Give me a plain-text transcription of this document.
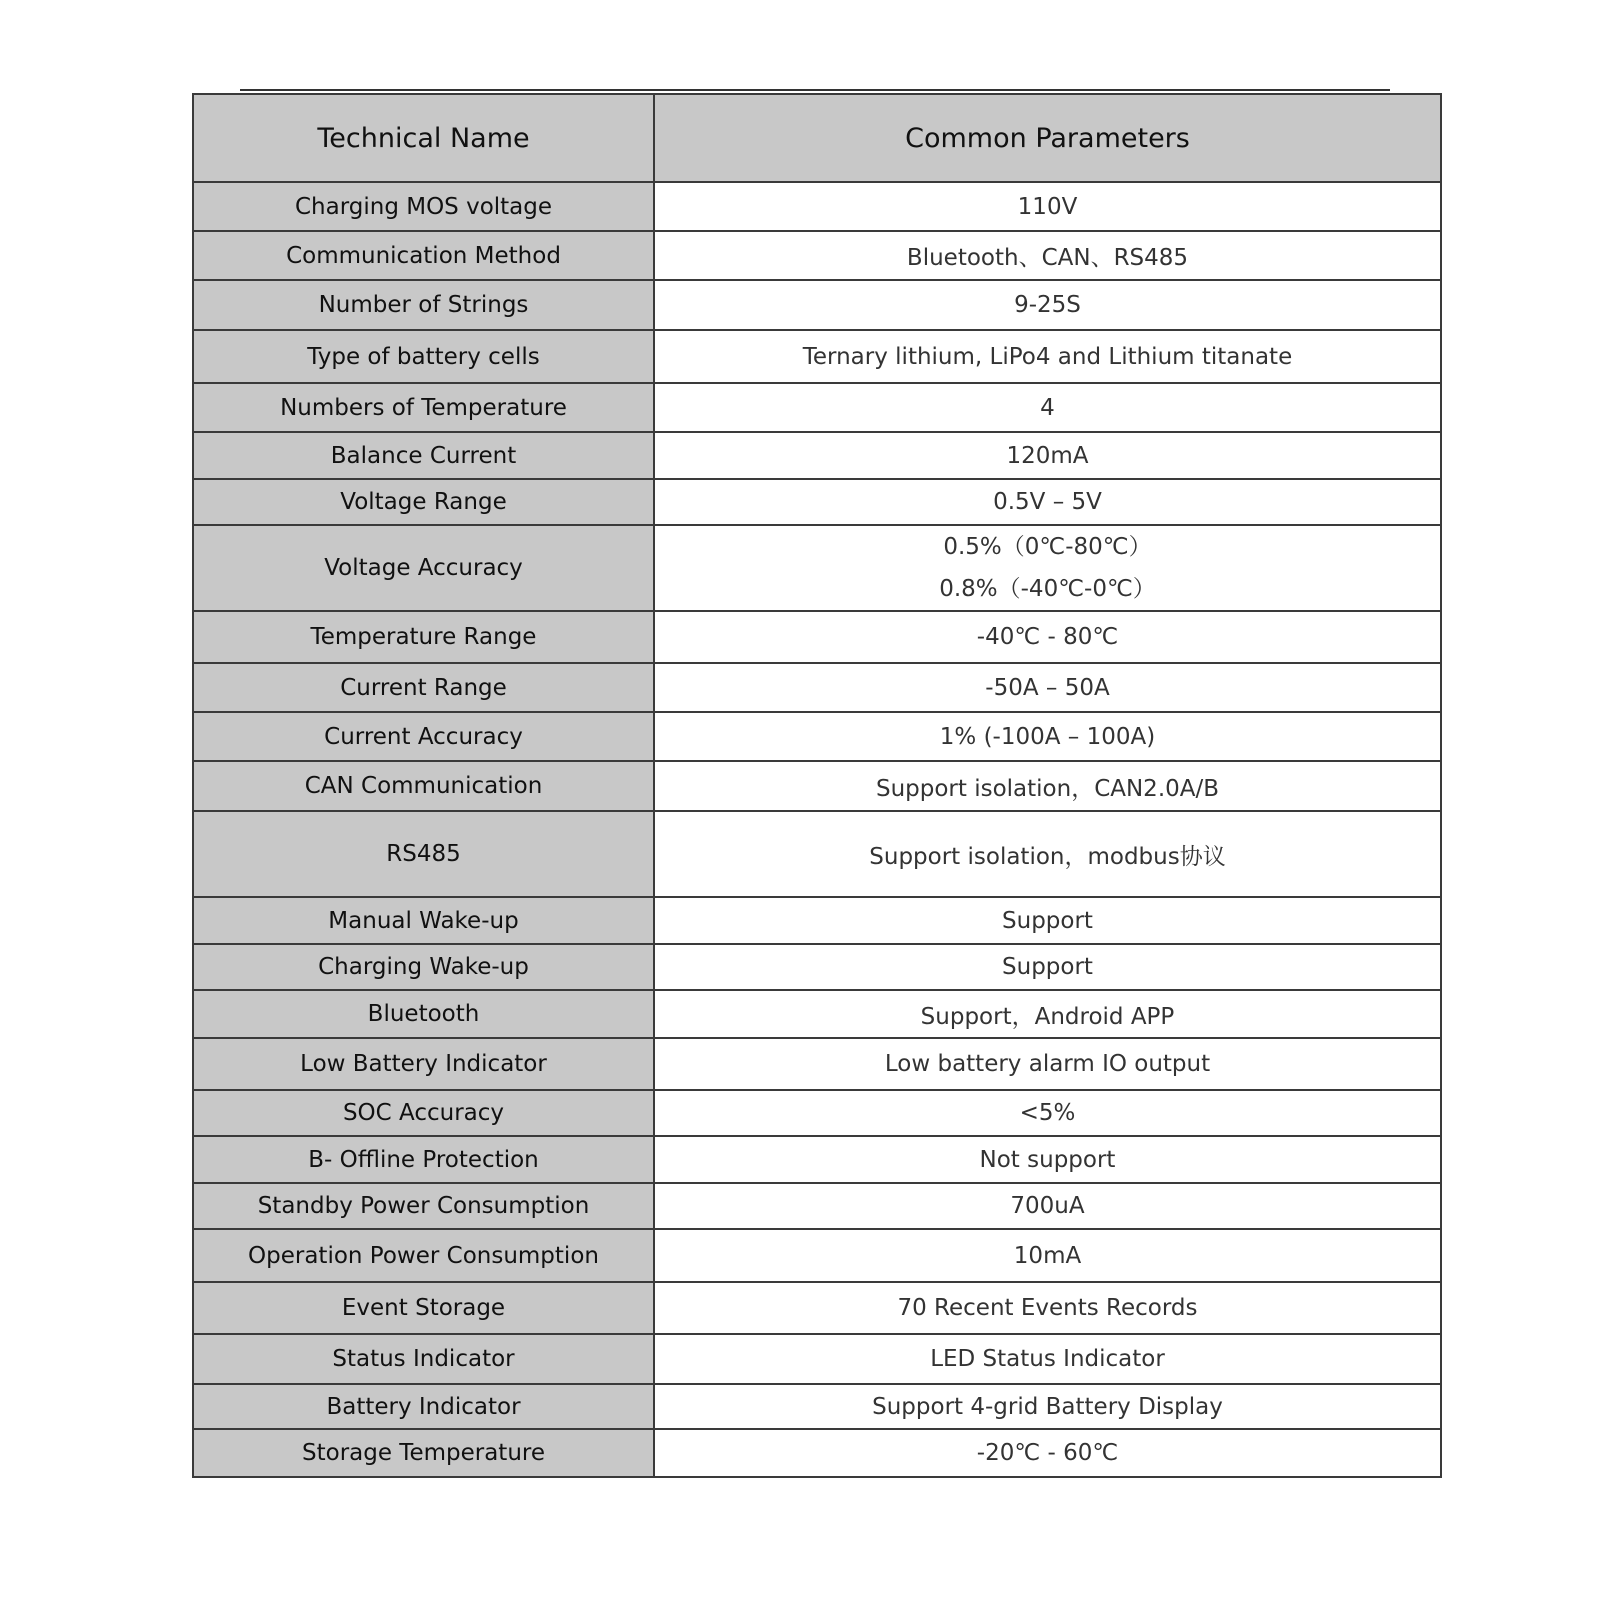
Technical Name	Common Parameters
Charging MOS voltage	110V
Communication Method	Bluetooth、CAN、RS485
Number of Strings	9-25S
Type of battery cells	Ternary lithium, LiPo4 and Lithium titanate
Numbers of Temperature	4
Balance Current	120mA
Voltage Range	0.5V – 5V
Voltage Accuracy	0.5%（0℃-80℃）
0.8%（-40℃-0℃）

Temperature Range	-40℃ - 80℃
Current Range	-50A – 50A
Current Accuracy	1% (-100A – 100A)
CAN Communication	Support isolation，CAN2.0A/B
RS485	Support isolation，modbus协议
Manual Wake-up	Support
Charging Wake-up	Support
Bluetooth	Support，Android APP
Low Battery Indicator	Low battery alarm IO output
SOC Accuracy	<5%
B- Offline Protection	Not support
Standby Power Consumption	700uA
Operation Power Consumption	10mA
Event Storage	70 Recent Events Records
Status Indicator	LED Status Indicator
Battery Indicator	Support 4-grid Battery Display
Storage Temperature	-20℃ - 60℃
